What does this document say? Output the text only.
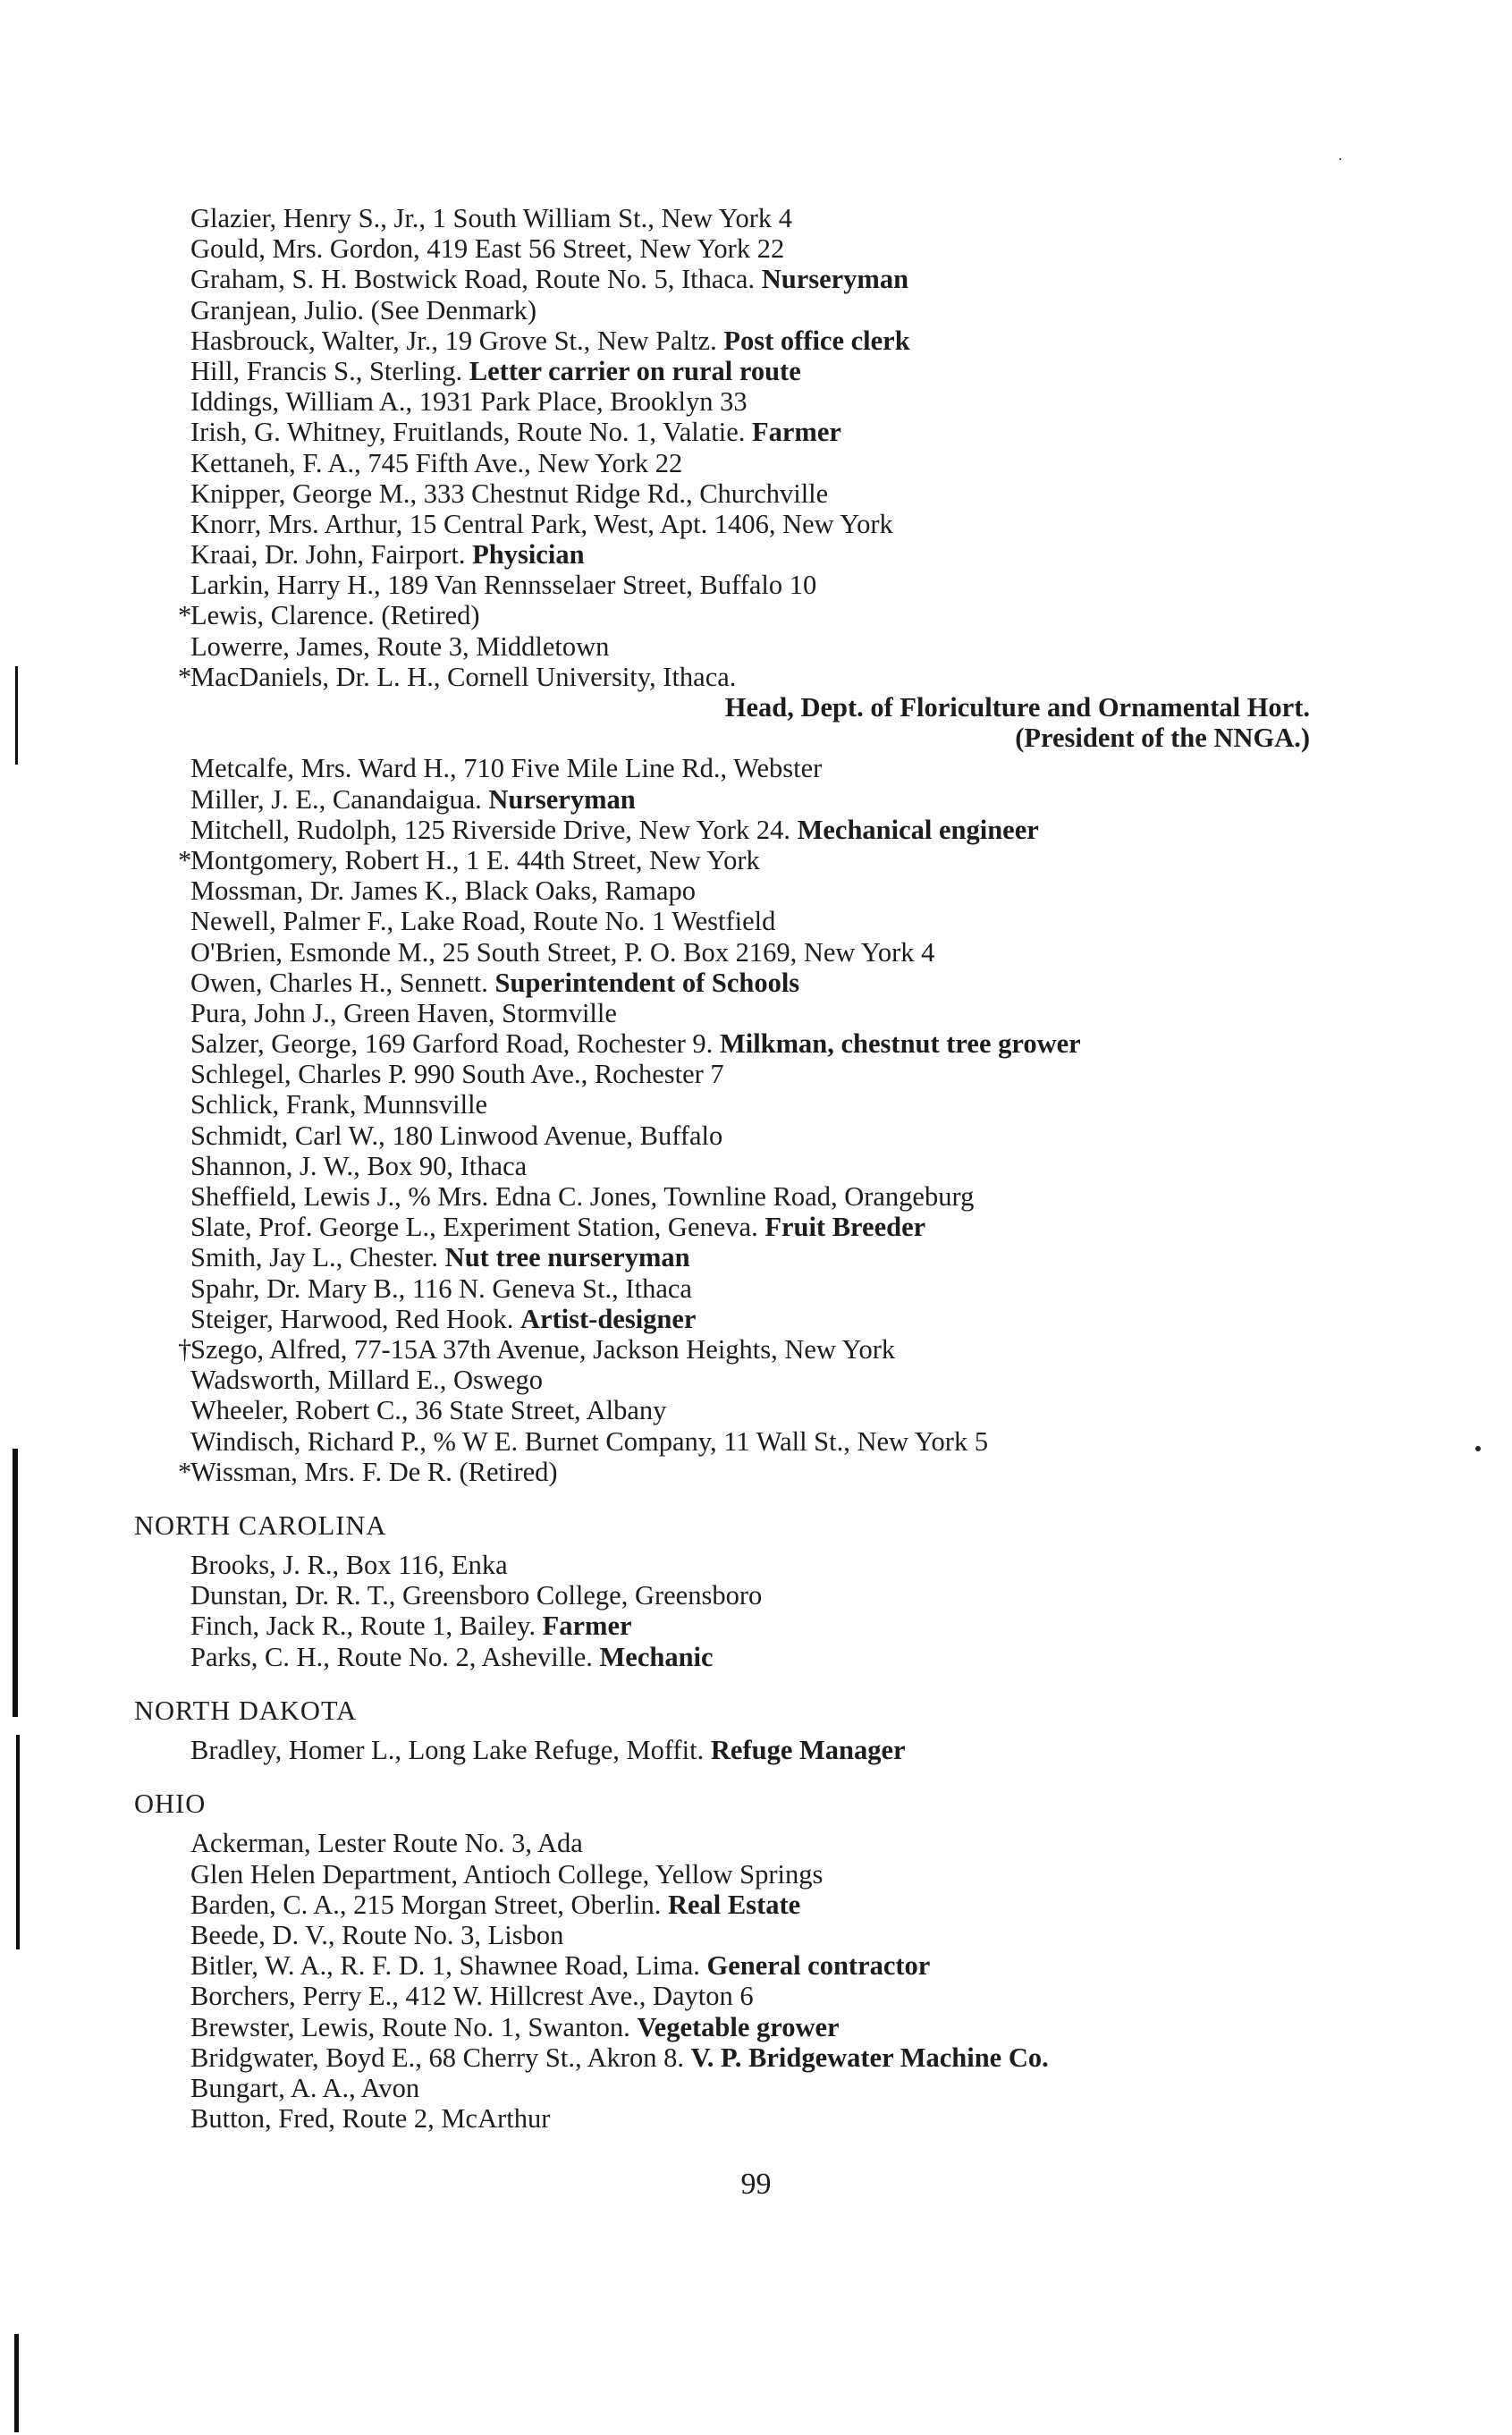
Glazier, Henry S., Jr., 1 South William St., New York 4
Gould, Mrs. Gordon, 419 East 56 Street, New York 22
Graham, S. H. Bostwick Road, Route No. 5, Ithaca. Nurseryman
Granjean, Julio. (See Denmark)
Hasbrouck, Walter, Jr., 19 Grove St., New Paltz. Post office clerk
Hill, Francis S., Sterling. Letter carrier on rural route
Iddings, William A., 1931 Park Place, Brooklyn 33
Irish, G. Whitney, Fruitlands, Route No. 1, Valatie. Farmer
Kettaneh, F. A., 745 Fifth Ave., New York 22
Knipper, George M., 333 Chestnut Ridge Rd., Churchville
Knorr, Mrs. Arthur, 15 Central Park, West, Apt. 1406, New York
Kraai, Dr. John, Fairport. Physician
Larkin, Harry H., 189 Van Rennsselaer Street, Buffalo 10
*Lewis, Clarence. (Retired)
Lowerre, James, Route 3, Middletown
*MacDaniels, Dr. L. H., Cornell University, Ithaca.
Head, Dept. of Floriculture and Ornamental Hort.
(President of the NNGA.)
Metcalfe, Mrs. Ward H., 710 Five Mile Line Rd., Webster
Miller, J. E., Canandaigua. Nurseryman
Mitchell, Rudolph, 125 Riverside Drive, New York 24. Mechanical engineer
*Montgomery, Robert H., 1 E. 44th Street, New York
Mossman, Dr. James K., Black Oaks, Ramapo
Newell, Palmer F., Lake Road, Route No. 1 Westfield
O'Brien, Esmonde M., 25 South Street, P. O. Box 2169, New York 4
Owen, Charles H., Sennett. Superintendent of Schools
Pura, John J., Green Haven, Stormville
Salzer, George, 169 Garford Road, Rochester 9. Milkman, chestnut tree grower
Schlegel, Charles P. 990 South Ave., Rochester 7
Schlick, Frank, Munnsville
Schmidt, Carl W., 180 Linwood Avenue, Buffalo
Shannon, J. W., Box 90, Ithaca
Sheffield, Lewis J., % Mrs. Edna C. Jones, Townline Road, Orangeburg
Slate, Prof. George L., Experiment Station, Geneva. Fruit Breeder
Smith, Jay L., Chester. Nut tree nurseryman
Spahr, Dr. Mary B., 116 N. Geneva St., Ithaca
Steiger, Harwood, Red Hook. Artist-designer
†Szego, Alfred, 77-15A 37th Avenue, Jackson Heights, New York
Wadsworth, Millard E., Oswego
Wheeler, Robert C., 36 State Street, Albany
Windisch, Richard P., % W E. Burnet Company, 11 Wall St., New York 5
*Wissman, Mrs. F. De R. (Retired)
NORTH CAROLINA
Brooks, J. R., Box 116, Enka
Dunstan, Dr. R. T., Greensboro College, Greensboro
Finch, Jack R., Route 1, Bailey. Farmer
Parks, C. H., Route No. 2, Asheville. Mechanic
NORTH DAKOTA
Bradley, Homer L., Long Lake Refuge, Moffit. Refuge Manager
OHIO
Ackerman, Lester Route No. 3, Ada
Glen Helen Department, Antioch College, Yellow Springs
Barden, C. A., 215 Morgan Street, Oberlin. Real Estate
Beede, D. V., Route No. 3, Lisbon
Bitler, W. A., R. F. D. 1, Shawnee Road, Lima. General contractor
Borchers, Perry E., 412 W. Hillcrest Ave., Dayton 6
Brewster, Lewis, Route No. 1, Swanton. Vegetable grower
Bridgwater, Boyd E., 68 Cherry St., Akron 8. V. P. Bridgewater Machine Co.
Bungart, A. A., Avon
Button, Fred, Route 2, McArthur
99
